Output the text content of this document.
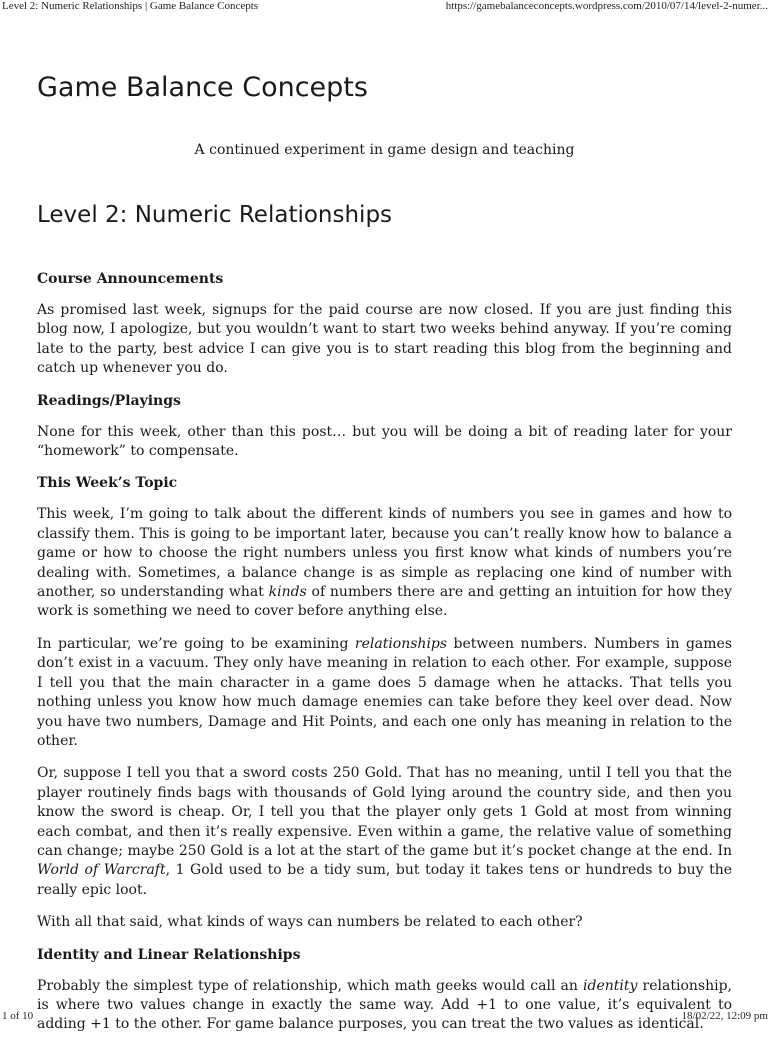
Level 2: Numeric Relationships | Game Balance Concepts	https://gamebalanceconcepts.wordpress.com/2010/07/14/level-2-numer...
Game Balance Concepts

A continued experiment in game design and teaching

Level 2: Numeric Relationships
Course Announcements

As promised last week, signups for the paid course are now closed. If you are just finding this blog now, I apologize, but you wouldn’t want to start two weeks behind anyway. If you’re coming late to the party, best advice I can give you is to start reading this blog from the beginning and catch up whenever you do.

Readings/Playings

None for this week, other than this post… but you will be doing a bit of reading later for your “homework” to compensate.

This Week’s Topic

This week, I’m going to talk about the different kinds of numbers you see in games and how to classify them. This is going to be important later, because you can’t really know how to balance a game or how to choose the right numbers unless you first know what kinds of numbers you’re dealing with. Sometimes, a balance change is as simple as replacing one kind of number with another, so understanding what kinds of numbers there are and getting an intuition for how they work is something we need to cover before anything else.

In particular, we’re going to be examining relationships between numbers. Numbers in games don’t exist in a vacuum. They only have meaning in relation to each other. For example, suppose I tell you that the main character in a game does 5 damage when he attacks. That tells you nothing unless you know how much damage enemies can take before they keel over dead. Now you have two numbers, Damage and Hit Points, and each one only has meaning in relation to the other.

Or, suppose I tell you that a sword costs 250 Gold. That has no meaning, until I tell you that the player routinely finds bags with thousands of Gold lying around the country side, and then you know the sword is cheap. Or, I tell you that the player only gets 1 Gold at most from winning each combat, and then it’s really expensive. Even within a game, the relative value of something can change; maybe 250 Gold is a lot at the start of the game but it’s pocket change at the end. In World of Warcraft, 1 Gold used to be a tidy sum, but today it takes tens or hundreds to buy the really epic loot.

With all that said, what kinds of ways can numbers be related to each other?

Identity and Linear Relationships

Probably the simplest type of relationship, which math geeks would call an identity relationship, is where two values change in exactly the same way. Add +1 to one value, it’s equivalent to adding +1 to the other. For game balance purposes, you can treat the two values as identical.

1 of 10	18/02/22, 12:09 pm
